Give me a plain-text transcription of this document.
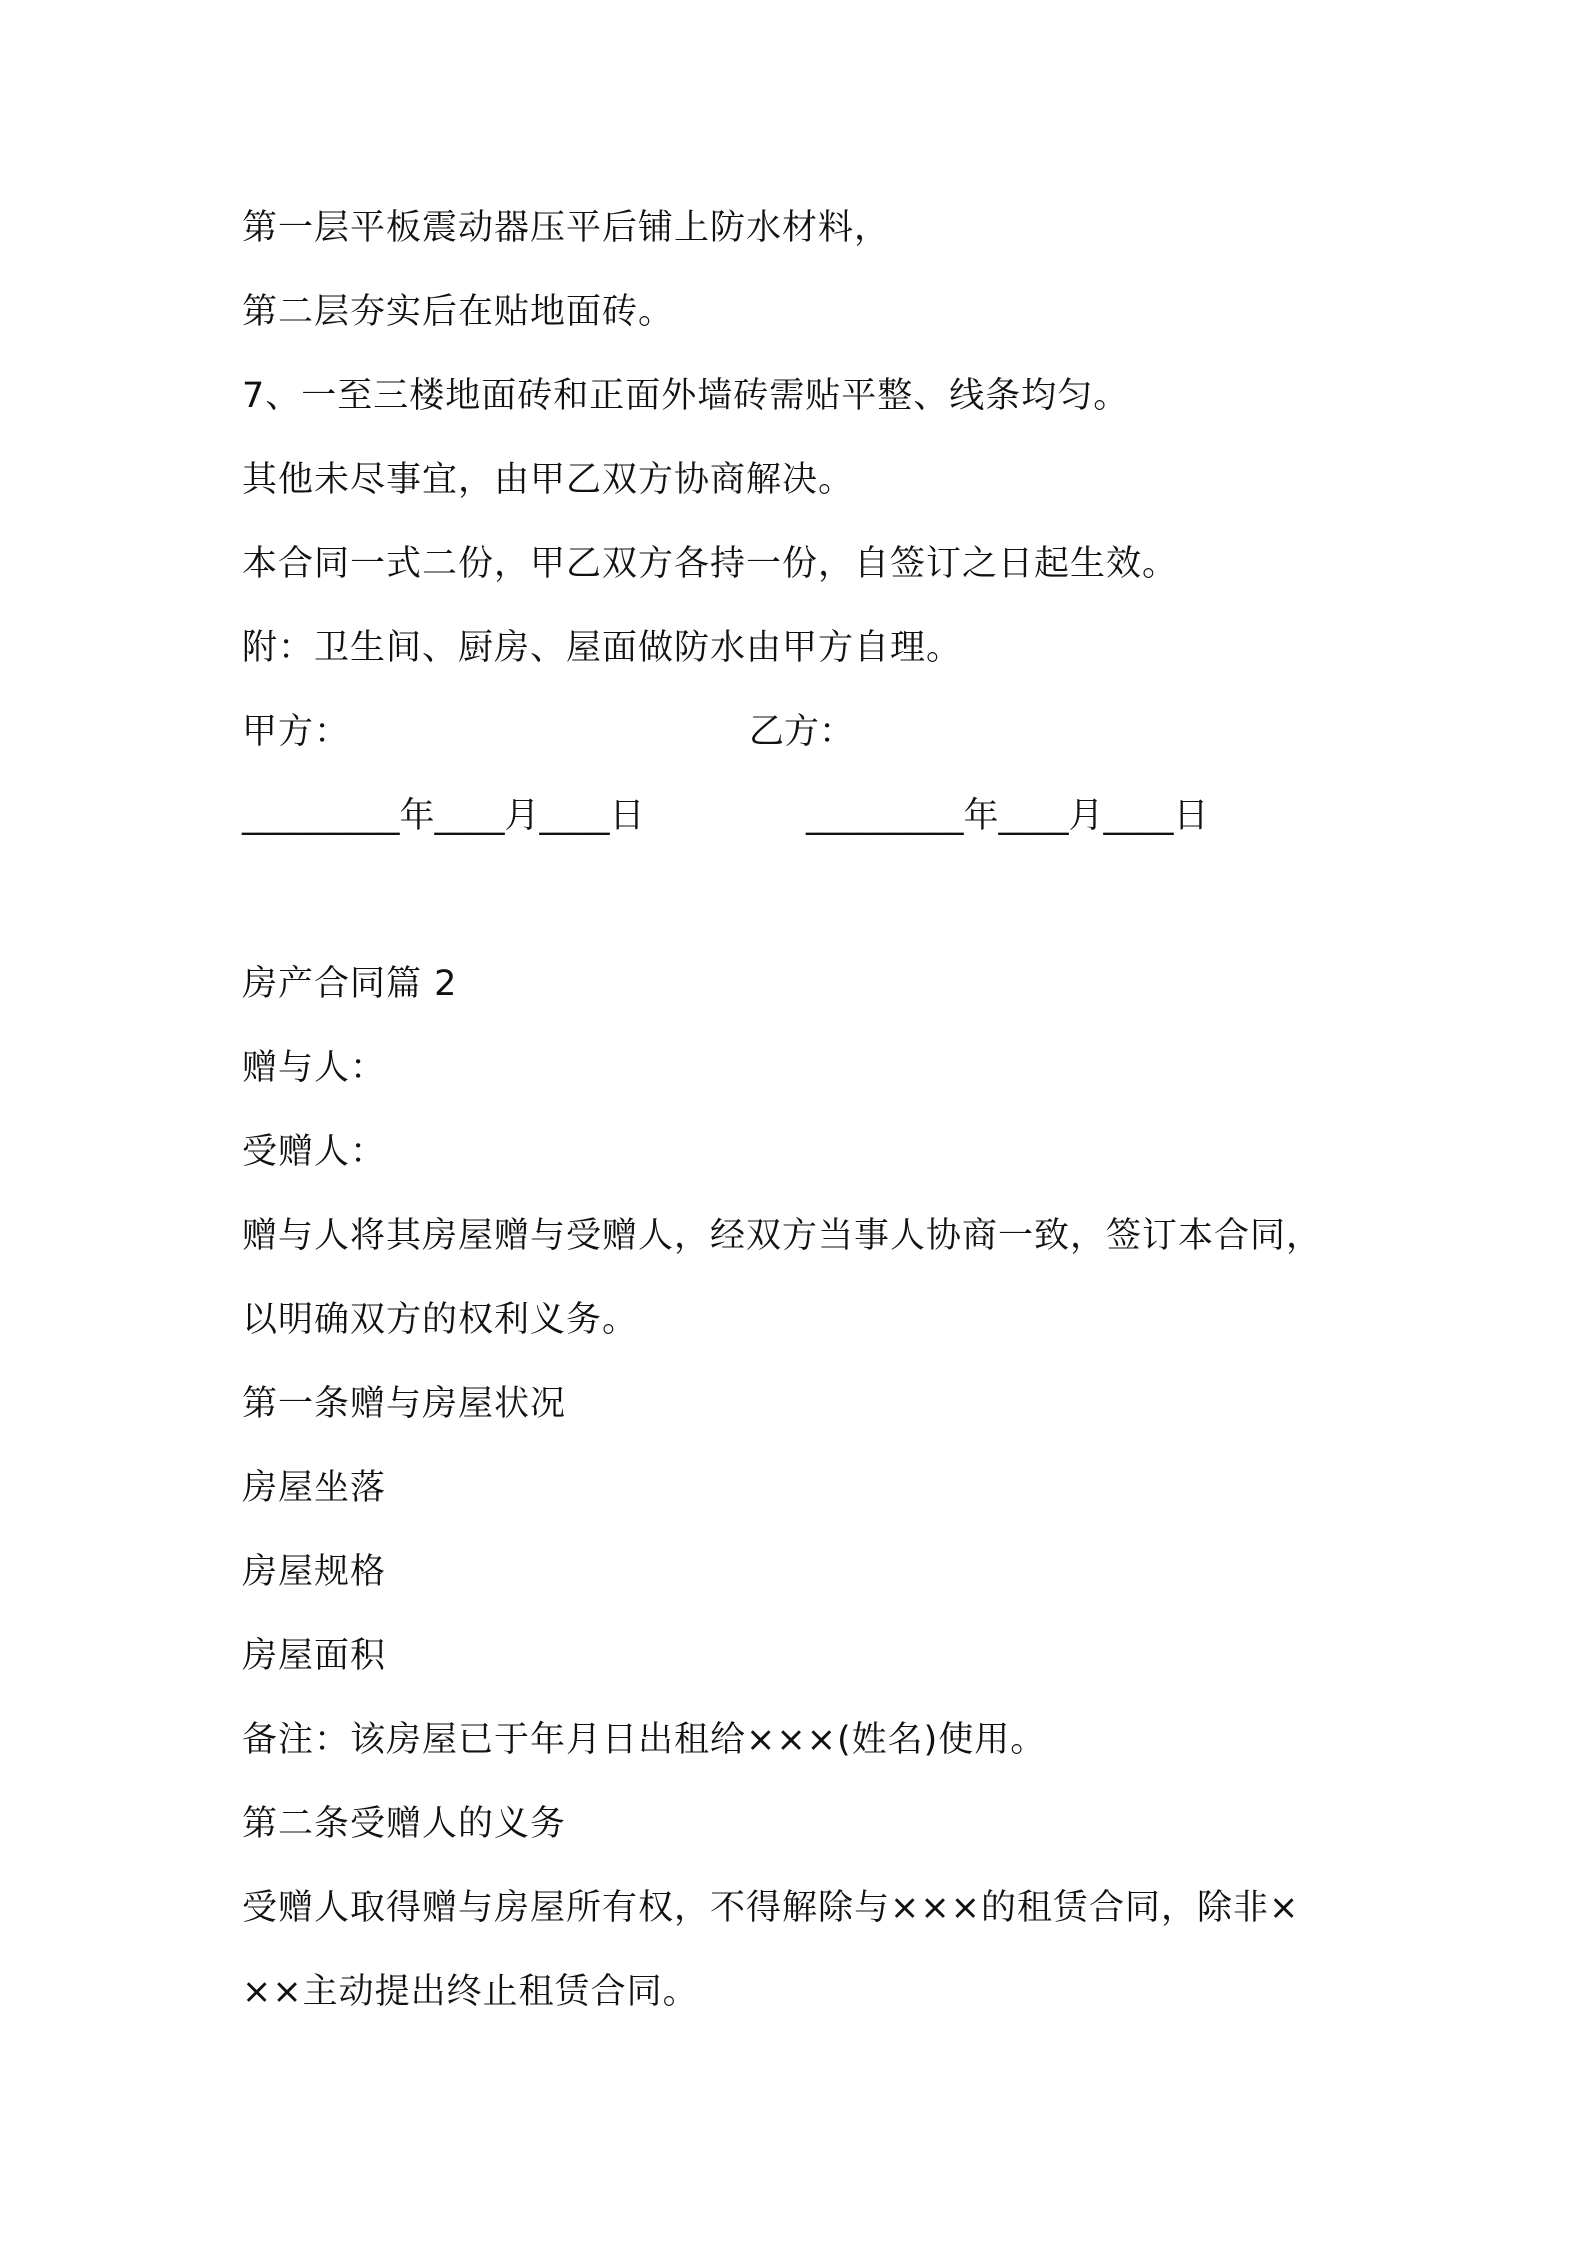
第一层平板震动器压平后铺上防水材料，
第二层夯实后在贴地面砖。
7、一至三楼地面砖和正面外墙砖需贴平整、线条均匀。
其他未尽事宜，由甲乙双方协商解决。
本合同一式二份，甲乙双方各持一份，自签订之日起生效。
附：卫生间、厨房、屋面做防水由甲方自理。
甲方：	乙方：
_________年____月____日	_________年____月____日
房产合同篇 2
赠与人：
受赠人：
赠与人将其房屋赠与受赠人，经双方当事人协商一致，签订本合同，
以明确双方的权利义务。
第一条赠与房屋状况
房屋坐落
房屋规格
房屋面积
备注：该房屋已于年月日出租给×××(姓名)使用。
第二条受赠人的义务
受赠人取得赠与房屋所有权，不得解除与×××的租赁合同，除非×
××主动提出终止租赁合同。
